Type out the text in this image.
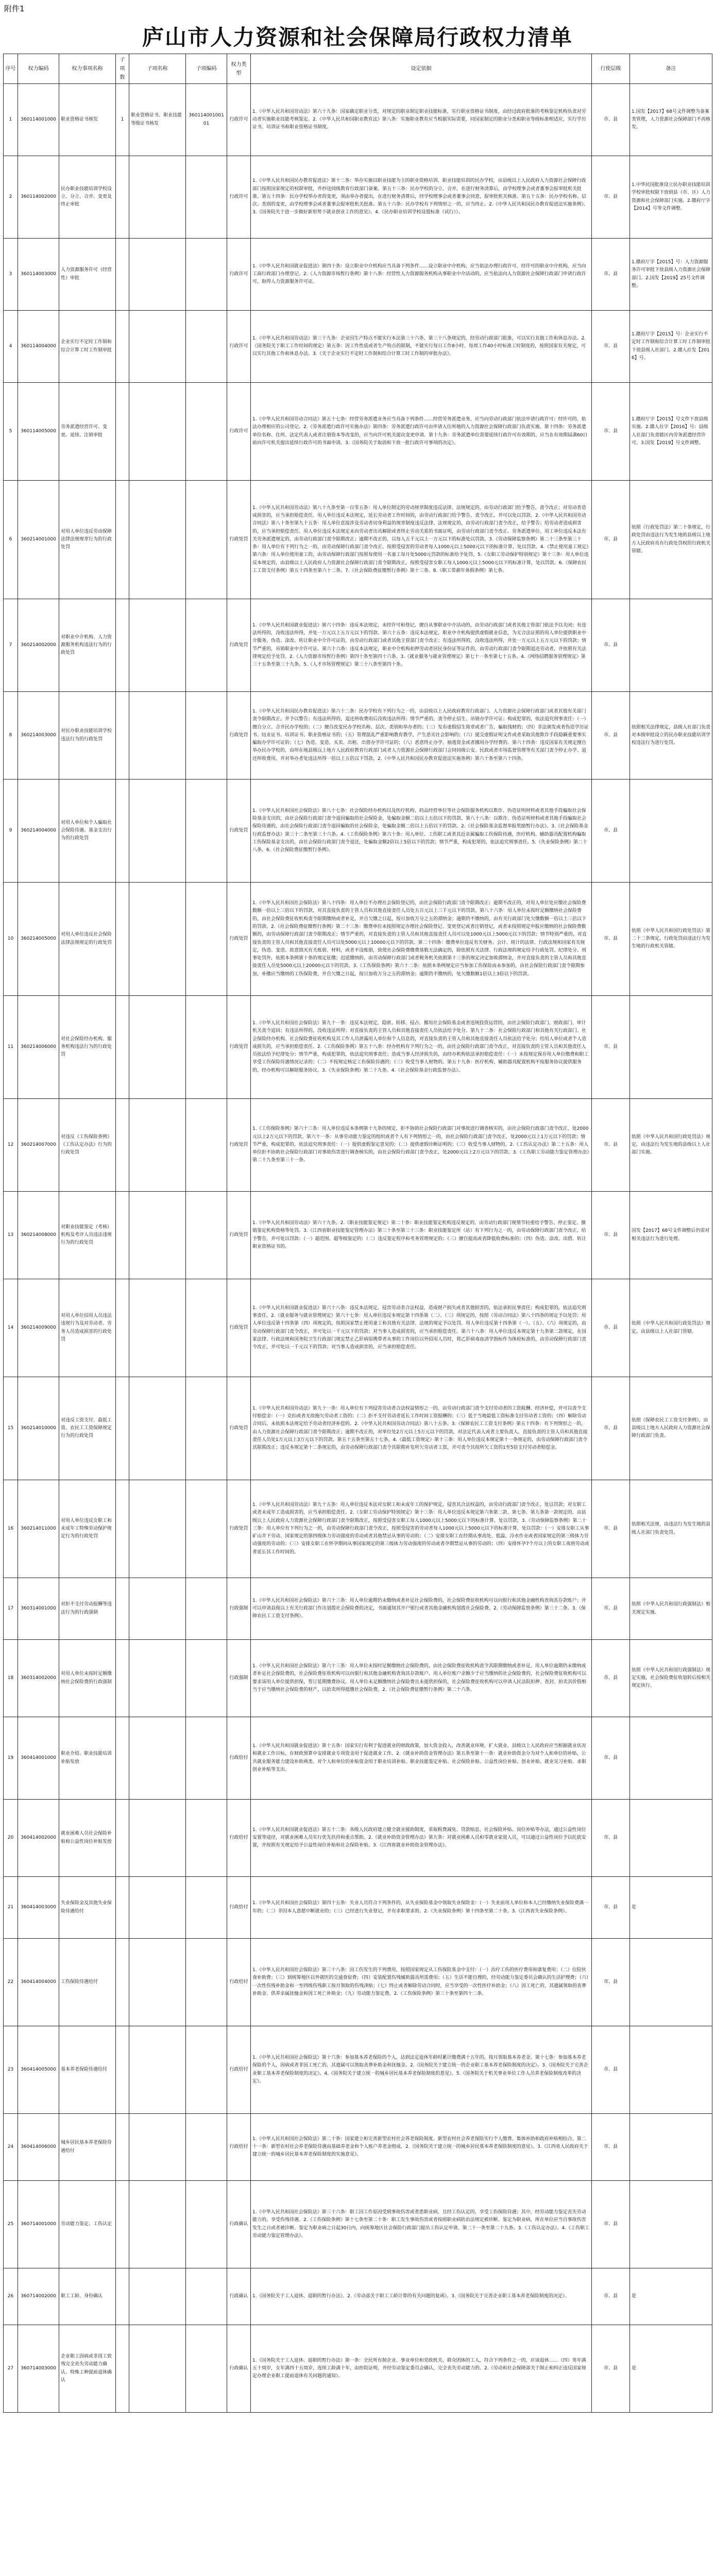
附件1
庐山市人力资源和社会保障局行政权力清单
序号	权力编码	权力事项名称	子项数	子项名称	子项编码	权力类型	设定依据	行使层级	备注
1	360114001000	职业资格证书核发	1	职业资格证书、职业技能等级证书核发	36011400100101	行政许可	1.《中华人民共和国劳动法》第六十九条：国家确定职业分类，对规定的职业制定职业技能标准，实行职业资格证书制度，由经过政府批准的考核鉴定机构负责对劳动者实施职业技能考核鉴定。2.《中华人民共和国职业教育法》第八条：实施职业教育应当根据实际需要，同国家制定的职业分类和职业等级标准相适应，实行学历证书、培训证书和职业资格证书制度。	市、县	1.国发【2017】68号文件调整为备案类管理，人力资源社会保障部门不再核发。
2	360114002000	民办职业技能培训学校设立、分立、合并、变更及终止审批				行政许可	1.《中华人民共和国民办教育促进法》第十二条：举办实施以职业技能为主的职业资格培训、职业技能培训的民办学校，由县级以上人民政府人力资源社会保障行政部门按照国家规定的权限审批，并抄送同级教育行政部门备案。第五十三条：民办学校的分立、合并，在进行财务清算后，由学校理事会或者董事会报审批机关批准。第五十四条：民办学校举办者的变更，须由举办者提出，在进行财务清算后，经学校理事会或者董事会同意，报审批机关核准。第五十五条：民办学校名称、层次、类别的变更，由学校理事会或者董事会报审批机关批准。第五十六条：民办学校有下列情形之一的，应当终止。2.《中华人民共和国民办教育促进法实施条例》。3.《国务院关于进一步做好新形势下就业创业工作的意见》。4.《民办职业培训学校设置标准（试行）》。	市、县	1.中华民国批准设立民办职业技能培训学校审批权限下放到县（市、区）人力资源和社会保障部门实施。2.赣府厅字【2014】号等文件调整。
3	360114003000	人力资源服务许可（经营性）审批				行政许可	1.《中华人民共和国就业促进法》第四十条：设立职业中介机构应当具备下列条件……设立职业中介机构，应当依法办理行政许可。经许可的职业中介机构，应当向工商行政部门办理登记。2.《人力资源市场暂行条例》第十八条：经营性人力资源服务机构从事职业中介活动的，应当依法向人力资源社会保障行政部门申请行政许可，取得人力资源服务许可证。	市、县	1.赣府厅字【2015】号：人力资源服务许可审批下放县级人力资源社会保障部门。2.国发【2019】25号文件调整。
4	360114004000	企业实行不定时工作制和综合计算工时工作制审批				行政许可	1.《中华人民共和国劳动法》第三十九条：企业因生产特点不能实行本法第三十六条、第三十八条规定的，经劳动行政部门批准，可以实行其他工作和休息办法。2.《国务院关于职工工作时间的规定》第五条：因工作性质或者生产特点的限制，不能实行每日工作8小时、每周工作40小时标准工时制度的，按照国家有关规定，可以实行其他工作和休息办法。3.《关于企业实行不定时工作制和综合计算工时工作制的审批办法》。	市、县	1.赣府厅字【2015】号：企业实行不定时工作制和综合计算工时工作制审批下放县级人社部门。2.赣人社发【2016】号。
5	360114005000	劳务派遣经营许可、变更、延续、注销审批				行政许可	1.《中华人民共和国劳动合同法》第五十七条：经营劳务派遣业务应当具备下列条件……经营劳务派遣业务，应当向劳动行政部门依法申请行政许可；经许可的，依法办理相应的公司登记。2.《劳务派遣行政许可实施办法》第四条：劳务派遣行政许可由申请人住所地的人力资源社会保障行政部门负责实施。第十四条：劳务派遣单位名称、住所、法定代表人或者注册资本等改变的，应当向许可机关提出变更申请。第十九条：劳务派遣单位需要延续行政许可有效期的，应当在有效期届满60日前向许可机关提出延续行政许可的书面申请。3.《国务院关于取消和下放一批行政许可事项的决定》。	市、县	1.赣府厅字【2015】号文件下放县级实施。2.赣人社字【2016】号：县级人社部门负责辖区内劳务派遣经营许可。3.国发【2019】号文件调整。
6	360214001000	对用人单位违反劳动保障法律法规规章行为的行政处罚				行政处罚	1.《中华人民共和国劳动法》第八十九条至第一百零五条：用人单位制定的劳动规章制度违反法律、法规规定的，由劳动行政部门给予警告，责令改正；对劳动者造成损害的，应当承担赔偿责任。用人单位违反本法规定，延长劳动者工作时间的，由劳动行政部门给予警告，责令改正，并可以处以罚款。2.《中华人民共和国劳动合同法》第八十条至第九十五条：用人单位直接涉及劳动者切身利益的规章制度违反法律、法规规定的，由劳动行政部门责令改正，给予警告；给劳动者造成损害的，应当承担赔偿责任。用人单位违反本法规定未向劳动者出具解除或者终止劳动关系的书面证明，由劳动行政部门责令改正。劳务派遣单位、用工单位违反本法有关劳务派遣规定的，由劳动行政部门责令限期改正；逾期不改正的，以每人五千元以上一万元以下的标准处以罚款。3.《劳动保障监察条例》第二十三条至第三十条：用人单位有下列行为之一的，由劳动保障行政部门责令改正，按照受侵害的劳动者每人1000元以上5000元以下的标准计算，处以罚款。4.《禁止使用童工规定》第六条：用人单位使用童工的，由劳动保障行政部门按照每使用一名童工每月处5000元罚款的标准给予处罚。5.《女职工劳动保护特别规定》第十三条：用人单位违反本规定的，由县级以上人民政府人力资源社会保障行政部门责令限期改正，按照受侵害女职工每人1000元以上5000元以下的标准计算，处以罚款。6.《保障农民工工资支付条例》第五十四条至第六十二条。7.《社会保险费征缴暂行条例》第十三条。8.《职工带薪年休假条例》第七条。	市、县	依照《行政处罚法》第二十条规定，行政处罚由违法行为发生地的县级以上地方人民政府具有行政处罚权的行政机关管辖。
7	360214002000	对职业中介机构、人力资源服务机构违法行为的行政处罚				行政处罚	1.《中华人民共和国就业促进法》第六十四条：违反本法规定，未经许可和登记，擅自从事职业中介活动的，由劳动行政部门或者其他主管部门依法予以关闭；有违法所得的，没收违法所得，并处一万元以上五万元以下的罚款。第六十五条：违反本法规定，职业中介机构提供虚假就业信息，为无合法证照的用人单位提供职业中介服务，伪造、涂改、转让职业中介许可证的，由劳动行政部门或者其他主管部门责令改正；有违法所得的，没收违法所得，并处一万元以上五万元以下的罚款；情节严重的，吊销职业中介许可证。第六十六条：违反本法规定，职业中介机构扣押劳动者居民身份证等证件的，由劳动行政部门责令限期退还劳动者，并依照有关法律规定给予处罚。2.《人力资源市场暂行条例》第四十条至第四十六条。3.《就业服务与就业管理规定》第七十一条至第七十五条。4.《网络招聘服务管理规定》第三十五条至第三十九条。5.《人才市场管理规定》第三十八条至第四十条。	市、县	
8	360214003000	对民办职业技能培训学校违法行为的行政处罚				行政处罚	1.《中华人民共和国民办教育促进法》第六十二条：民办学校有下列行为之一的，由县级以上人民政府教育行政部门、人力资源社会保障行政部门或者其他有关部门责令限期改正，并予以警告；有违法所得的，退还所收费用后没收违法所得；情节严重的，责令停止招生、吊销办学许可证；构成犯罪的，依法追究刑事责任：（一）擅自分立、合并民办学校的；（二）擅自改变民办学校名称、层次、类别和举办者的；（三）发布虚假招生简章或者广告，骗取钱财的；（四）非法颁发或者伪造学历证书、结业证书、培训证书、职业资格证书的；（五）管理混乱严重影响教育教学，产生恶劣社会影响的；（六）提交虚假证明文件或者采取其他欺诈手段隐瞒重要事实骗取办学许可证的；（七）伪造、变造、买卖、出租、出借办学许可证的；（八）恶意终止办学、抽逃资金或者挪用办学经费的。第六十四条：违反国家有关规定擅自举办民办学校的，由所在地县级以上地方人民政府教育行政部门或者人力资源社会保障行政部门会同同级公安、民政或者市场监督管理等有关部门责令停止办学、退还所收费用，并对举办者处违法所得一倍以上五倍以下罚款。2.《中华人民共和国民办教育促进法实施条例》第六十条至第六十四条。	市、县	依照相关法律规定，县级人社部门负责对本级审批设立的民办职业技能培训学校违法行为进行处罚。
9	360214004000	对用人单位和个人骗取社会保险待遇、基金支出行为的行政处罚				行政处罚	1.《中华人民共和国社会保险法》第八十七条：社会保险经办机构以及医疗机构、药品经营单位等社会保险服务机构以欺诈、伪造证明材料或者其他手段骗取社会保险基金支出的，由社会保险行政部门责令退回骗取的社会保险金，处骗取金额二倍以上五倍以下的罚款。第八十八条：以欺诈、伪造证明材料或者其他手段骗取社会保险待遇的，由社会保险行政部门责令退回骗取的社会保险金，处骗取金额二倍以上五倍以下的罚款。2.《社会保险基金监督举报奖励暂行办法》。3.《社会保险基金行政监督办法》第三十二条至第三十六条。4.《工伤保险条例》第六十条：用人单位、工伤职工或者其近亲属骗取工伤保险待遇，医疗机构、辅助器具配置机构骗取工伤保险基金支出的，由社会保险行政部门责令退还，处骗取金额2倍以上5倍以下的罚款；情节严重，构成犯罪的，依法追究刑事责任。5.《失业保险条例》第二十八条。6.《社会保险费征缴暂行条例》。	市、县	
10	360214005000	对用人单位违反社会保险法律法规规定的行政处罚				行政处罚	1.《中华人民共和国社会保险法》第八十四条：用人单位不办理社会保险登记的，由社会保险行政部门责令限期改正；逾期不改正的，对用人单位处应缴社会保险费数额一倍以上三倍以下的罚款，对其直接负责的主管人员和其他直接责任人员处五百元以上三千元以下的罚款。第八十六条：用人单位未按时足额缴纳社会保险费的，由社会保险费征收机构责令限期缴纳或者补足，并自欠缴之日起，按日加收万分之五的滞纳金；逾期仍不缴纳的，由有关行政部门处欠缴数额一倍以上三倍以下的罚款。2.《社会保险费征缴暂行条例》第二十三条：缴费单位未按照规定办理社会保险登记、变更登记或者注销登记，或者未按照规定申报应缴纳的社会保险费数额的，由劳动保障行政部门责令限期改正；情节严重的，对直接负责的主管人员和其他直接责任人员可以处1000元以上5000元以下的罚款；情节特别严重的，对直接负责的主管人员和其他直接责任人员可以处5000元以上10000元以下的罚款。第二十四条：缴费单位违反有关财务、会计、统计的法律、行政法规和国家有关规定，伪造、变造、故意毁灭有关账册、材料，或者不设账册，致使社会保险费缴费基数无法确定的，除依照有关法律、行政法规的规定给予行政处罚、纪律处分、刑事处罚外，依照本条例第十条的规定征缴；迟延缴纳的，由劳动保障行政部门或者税务机关依照第十三条的规定决定加收滞纳金，并对直接负责的主管人员和其他直接责任人员处5000元以上20000元以下的罚款。3.《工伤保险条例》第六十二条：依照本条例规定应当参加工伤保险而未参加的，由社会保险行政部门责令限期参加，补缴应当缴纳的工伤保险费，并自欠缴之日起，按日加收万分之五的滞纳金；逾期仍不缴纳的，处欠缴数额1倍以上3倍以下的罚款。	市、县	依照《中华人民共和国行政处罚法》第二十二条规定，行政处罚由违法行为发生地的行政机关管辖。
11	360214006000	对社会保险经办机构、服务机构违法行为的行政处罚				行政处罚	1.《中华人民共和国社会保险法》第九十一条：违反本法规定，隐匿、转移、侵占、挪用社会保险基金或者违规投资运营的，由社会保险行政部门、财政部门、审计机关责令追回；有违法所得的，没收违法所得；对直接负责的主管人员和其他直接责任人员依法给予处分。第九十二条：社会保险行政部门和其他有关行政部门、社会保险经办机构、社会保险费征收机构及其工作人员泄露用人单位和个人信息的，对直接负责的主管人员和其他直接责任人员依法给予处分；给用人单位或者个人造成损失的，应当承担赔偿责任。2.《工伤保险条例》第五十八条：经办机构有下列行为之一的，由社会保险行政部门责令改正，对直接负责的主管人员和其他责任人员依法给予纪律处分；情节严重，构成犯罪的，依法追究刑事责任；造成当事人经济损失的，由经办机构依法承担赔偿责任：（一）未按规定保存用人单位缴费和职工享受工伤保险待遇情况记录的；（二）不按规定核定工伤保险待遇的；（三）收受当事人财物的。第五十九条：医疗机构、辅助器具配置机构不按服务协议提供服务的，经办机构可以解除服务协议。3.《失业保险条例》第二十九条。4.《社会保险基金行政监督办法》。	市、县	
12	360214007000	对违反《工伤保险条例》《工伤认定办法》行为的行政处罚				行政处罚	1.《工伤保险条例》第六十三条：用人单位违反本条例第十九条的规定，拒不协助社会保险行政部门对事故进行调查核实的，由社会保险行政部门责令改正，处2000元以上2万元以下的罚款。第六十一条：从事劳动能力鉴定的组织或者个人有下列情形之一的，由社会保险行政部门责令改正，处2000元以上1万元以下的罚款；情节严重，构成犯罪的，依法追究刑事责任：（一）提供虚假鉴定意见的；（二）提供虚假诊断证明的；（三）收受当事人财物的。2.《工伤认定办法》第二十五条：用人单位拒不协助社会保险行政部门对事故伤害进行调查核实的，由社会保险行政部门责令改正，处2000元以上2万元以下的罚款。3.《工伤职工劳动能力鉴定管理办法》第二十九条至第三十一条。	市、县	依照《中华人民共和国行政处罚法》规定，由违法行为发生地的县级以上人社部门实施。
13	360214008000	对职业技能鉴定（考核）机构及考评人员违法违规行为的行政处罚				行政处罚	1.《中华人民共和国劳动法》第六十九条。2.《职业技能鉴定规定》第二十条：职业技能鉴定机构违反规定的，由劳动行政部门视情节轻重给予警告、停止鉴定、撤销鉴定机构资格等处罚。3.《江西省职业技能鉴定管理办法》第三十条至第三十三条：职业技能鉴定所（站）有下列行为之一的，由劳动保障行政部门责令改正，给予警告，并可处以罚款：（一）超范围、超等级鉴定的；（二）违反鉴定程序和考务管理规定的；（三）擅自提高或者降低收费标准的；（四）伪造、涂改、出借、转让职业资格证书的。	市、县	国发【2017】68号文件调整后仍需对相关违法行为进行处理。
14	360214009000	对用人单位招用人员违法违规行为及对劳动者、劳务人员造成损害的行政处罚				行政处罚	1.《中华人民共和国就业促进法》第六十八条：违反本法规定，侵害劳动者合法权益，造成财产损失或者其他损害的，依法承担民事责任；构成犯罪的，依法追究刑事责任。2.《就业服务与就业管理规定》第六十七条：用人单位违反本规定第十四条第（二）、（三）项规定的，按照《劳动合同法》第八十四条的规定予以处罚；用人单位违反第十四条第（四）项规定的，按照国家禁止使用童工和其他有关法律、法规的规定予以处罚。用人单位违反第十四条第（一）、（五）、（六）项规定的，由劳动保障行政部门责令改正，并可处以一千元以下的罚款；对当事人造成损害的，应当承担赔偿责任。第六十八条：用人单位违反本规定第十九条第二款规定，在国家法律、行政法规和国务院卫生行政部门规定禁止乙肝病原携带者从事的工作岗位以外招用人员时，将乙肝病毒血清学指标作为体检标准的，由劳动保障行政部门责令改正，并可处以一千元以下的罚款；对当事人造成损害的，应当承担赔偿责任。	市、县	依照《中华人民共和国行政处罚法》规定，由县级以上人社部门管辖。
15	360214010000	对违反工资支付、最低工资、农民工工资保障规定行为的行政处罚				行政处罚	1.《中华人民共和国劳动法》第九十一条：用人单位有下列侵害劳动者合法权益情形之一的，由劳动行政部门责令支付劳动者的工资报酬、经济补偿，并可以责令支付赔偿金：（一）克扣或者无故拖欠劳动者工资的；（二）拒不支付劳动者延长工作时间工资报酬的；（三）低于当地最低工资标准支付劳动者工资的；（四）解除劳动合同后，未依照本法规定给予劳动者经济补偿的。2.《中华人民共和国劳动合同法》第八十五条。3.《保障农民工工资支付条例》第五十四条：有下列情形之一的，由人力资源社会保障行政部门责令限期改正；逾期不改正的，对单位处2万元以上5万元以下的罚款，对法定代表人或者主要负责人、直接负责的主管人员和其他直接责任人员处1万元以上3万元以下的罚款。第五十五条至第五十七条。4.《最低工资规定》第十三条：用人单位违反本规定第十一条规定的，由劳动保障行政部门责令其限期改正；违反本规定第十二条规定的，由劳动保障行政部门责令其限期补发所欠劳动者工资，并可责令其按所欠工资的1至5倍支付劳动者赔偿金。	市、县	依照《保障农民工工资支付条例》，由县级以上地方人民政府人力资源社会保障行政部门负责。
16	360214011000	对用人单位违反女职工和未成年工特殊劳动保护规定行为的行政处罚				行政处罚	1.《中华人民共和国劳动法》第九十五条：用人单位违反本法对女职工和未成年工的保护规定，侵害其合法权益的，由劳动行政部门责令改正，处以罚款；对女职工或者未成年工造成损害的，应当承担赔偿责任。2.《女职工劳动保护特别规定》第十三条：用人单位违反本规定第六条第二款、第七条、第九条第一款规定的，由县级以上人民政府人力资源社会保障行政部门责令限期改正，按照受侵害女职工每人1000元以上5000元以下的标准计算，处以罚款。3.《劳动保障监察条例》第二十三条：用人单位有下列行为之一的，由劳动保障行政部门责令改正，按照受侵害的劳动者每人1000元以上5000元以下的标准计算，处以罚款：（一）安排女职工从事矿山井下劳动、国家规定的第四级体力劳动强度的劳动或者其他禁忌从事的劳动的；（二）安排女职工在经期从事高处、低温、冷水作业或者国家规定的第三级体力劳动强度的劳动的；（三）安排女职工在怀孕期间从事国家规定的第三级体力劳动强度的劳动或者孕期禁忌从事的劳动的；（四）安排怀孕7个月以上的女职工夜班劳动或者延长其工作时间的。	市、县	依照相关法规，由违法行为发生地的县级人社部门负责处罚。
17	360314001000	对拒不支付劳动报酬等违法行为的行政强制				行政强制	1.《中华人民共和国社会保险法》第六十三条：用人单位逾期仍未缴纳或者补足社会保险费的，社会保险费征收机构可以向银行和其他金融机构查询其存款账户；并可以申请县级以上有关行政部门作出划拨社会保险费的决定，书面通知其开户银行或者其他金融机构划拨社会保险费。2.《劳动保障监察条例》第三十二条。3.《保障农民工工资支付条例》。	市、县	依照《中华人民共和国行政强制法》相关规定实施。
18	360314002000	对用人单位未按时足额缴纳社会保险费的行政强制				行政强制	1.《中华人民共和国社会保险法》第六十三条：用人单位未按时足额缴纳社会保险费的，由社会保险费征收机构责令其限期缴纳或者补足。用人单位逾期仍未缴纳或者补足社会保险费的，社会保险费征收机构可以向银行和其他金融机构查询其存款账户。用人单位账户余额少于应当缴纳的社会保险费的，社会保险费征收机构可以要求该用人单位提供担保，签订延期缴费协议。用人单位未足额缴纳社会保险费且未提供担保的，社会保险费征收机构可以申请人民法院扣押、查封、拍卖其价值相当于应当缴纳社会保险费的财产，以拍卖所得抵缴社会保险费。2.《社会保险费征缴暂行条例》第二十六条。	市、县	依照《中华人民共和国行政强制法》规定实施，社会保险费征收划转后按相关规定执行。
19	360414001000	职业介绍、职业技能培训补贴发放				行政给付	1.《中华人民共和国就业促进法》第十五条：国家实行有利于促进就业的财政政策，加大资金投入，改善就业环境，扩大就业。县级以上人民政府应当根据就业状况和就业工作目标，在财政预算中安排就业专项资金用于促进就业工作。2.《就业补助资金管理办法》第五条至第十一条：就业补助资金分为对个人和单位的补贴、公共就业服务能力建设补助两类。对个人和单位的补贴资金用于职业培训补贴、职业技能鉴定补贴、社会保险补贴、公益性岗位补贴、创业补贴、就业见习补贴、求职创业补贴等支出。	市、县	
20	360414002000	就业困难人员社会保险补贴和公益性岗位补贴发放				行政给付	1.《中华人民共和国就业促进法》第五十二条：各级人民政府建立健全就业援助制度，采取税费减免、贷款贴息、社会保险补贴、岗位补贴等办法，通过公益性岗位安置等途径，对就业困难人员实行优先扶持和重点帮助。2.《就业补助资金管理办法》第九条：对就业困难人员和零就业家庭人员，可以通过公益性岗位予以托底安置，并按照有关规定给予公益性岗位补贴和社会保险补贴。3.《江西省就业补助资金管理办法》。	市、县	
21	360414003000	失业保险金及其他失业保险待遇给付				行政给付	1.《中华人民共和国社会保险法》第四十五条：失业人员符合下列条件的，从失业保险基金中领取失业保险金：（一）失业前用人单位和本人已经缴纳失业保险费满一年的；（二）非因本人意愿中断就业的；（三）已经进行失业登记，并有求职要求的。2.《失业保险条例》第十四条至第二十条。3.《江西省失业保险条例》。	市、县	是
22	360414004000	工伤保险待遇给付				行政给付	1.《中华人民共和国社会保险法》第三十八条：因工伤发生的下列费用，按照国家规定从工伤保险基金中支付：（一）治疗工伤的医疗费用和康复费用；（二）住院伙食补助费；（三）到统筹地区以外就医的交通食宿费；（四）安装配置伤残辅助器具所需费用；（五）生活不能自理的，经劳动能力鉴定委员会确认的生活护理费；（六）一次性伤残补助金和一至四级伤残职工按月领取的伤残津贴；（七）终止或者解除劳动合同时，应当享受的一次性医疗补助金；（八）因工死亡的，其遗属领取的丧葬补助金、供养亲属抚恤金和因工死亡补助金；（九）劳动能力鉴定费。2.《工伤保险条例》第三十条至第四十二条。	市、县	
23	360414005000	基本养老保险待遇给付				行政给付	1.《中华人民共和国社会保险法》第十六条：参加基本养老保险的个人，达到法定退休年龄时累计缴费满十五年的，按月领取基本养老金。第十七条：参加基本养老保险的个人，因病或者非因工死亡的，其遗属可以领取丧葬补助金和抚恤金。2.《国务院关于建立统一的企业职工基本养老保险制度的决定》。3.《国务院关于完善企业职工基本养老保险制度的决定》。4.《国务院关于建立统一的城乡居民基本养老保险制度的意见》。5.《国务院关于机关事业单位工作人员养老保险制度改革的决定》。	市、县	
24	360414006000	城乡居民基本养老保险待遇给付				行政给付	1.《中华人民共和国社会保险法》第二十条：国家建立和完善新型农村社会养老保险制度。新型农村社会养老保险实行个人缴费、集体补助和政府补贴相结合。第二十一条：新型农村社会养老保险待遇由基础养老金和个人账户养老金组成。2.《国务院关于建立统一的城乡居民基本养老保险制度的意见》。3.《江西省人民政府关于建立统一的城乡居民基本养老保险制度的实施意见》。	市、县	
25	360714001000	劳动能力鉴定、工伤认定				行政确认	1.《中华人民共和国社会保险法》第三十六条：职工因工作原因受到事故伤害或者患职业病，且经工伤认定的，享受工伤保险待遇；其中，经劳动能力鉴定丧失劳动能力的，享受伤残待遇。2.《工伤保险条例》第十七条至第二十条：职工发生事故伤害或者按照职业病防治法规定被诊断、鉴定为职业病，所在单位应当自事故伤害发生之日或者被诊断、鉴定为职业病之日起30日内，向统筹地区社会保险行政部门提出工伤认定申请。第二十一条至第二十九条。3.《工伤认定办法》。4.《工伤职工劳动能力鉴定管理办法》。	市、县	
26	360714002000	职工工龄、身份确认				行政确认	1.《国务院关于工人退休、退职的暂行办法》。2.《劳动部关于职工工龄计算的有关问题的复函》。3.《国务院关于完善企业职工基本养老保险制度的决定》。	市、县	是
27	360714003000	企业职工因病或非因工致残完全丧失劳动能力确认、特殊工种提前退休确认				行政确认	1.《国务院关于工人退休、退职的暂行办法》第一条：全民所有制企业、事业单位和党政机关、群众团体的工人，符合下列条件之一的，应该退休……（四）男年满五十周岁，女年满四十五周岁，连续工龄满十年，由医院证明，并经劳动鉴定委员会确认，完全丧失劳动能力的。2.《劳动和社会保障部关于制止和纠正违反国家规定办理企业职工提前退休有关问题的通知》。	市、县	是
